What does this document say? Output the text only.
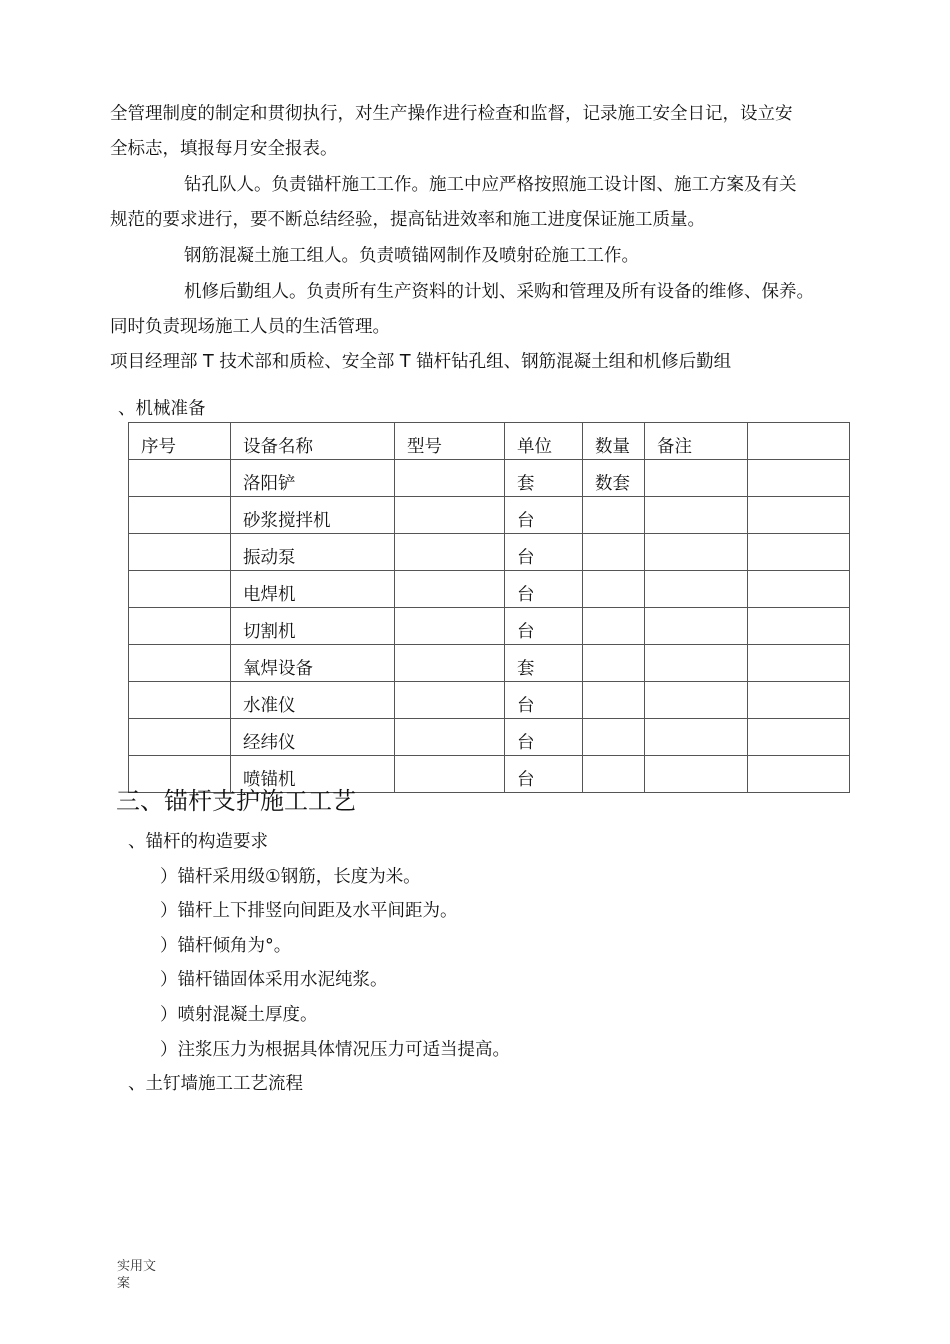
全管理制度的制定和贯彻执行，对生产操作进行检查和监督，记录施工安全日记，设立安
全标志，填报每月安全报表。
钻孔队人。负责锚杆施工工作。施工中应严格按照施工设计图、施工方案及有关
规范的要求进行，要不断总结经验，提高钻进效率和施工进度保证施工质量。
钢筋混凝土施工组人。负责喷锚网制作及喷射砼施工工作。
机修后勤组人。负责所有生产资料的计划、采购和管理及所有设备的维修、保养。
同时负责现场施工人员的生活管理。
项目经理部 T 技术部和质检、安全部 T 锚杆钻孔组、钢筋混凝土组和机修后勤组
、机械准备
序号	设备名称	型号	单位	数量	备注	
	洛阳铲		套	数套		
	砂浆搅拌机		台			
	振动泵		台			
	电焊机		台			
	切割机		台			
	氧焊设备		套			
	水准仪		台			
	经纬仪		台			
	喷锚机		台			
三、锚杆支护施工工艺
、锚杆的构造要求
）锚杆采用级①钢筋，长度为米。
）锚杆上下排竖向间距及水平间距为。
）锚杆倾角为°。
）锚杆锚固体采用水泥纯浆。
）喷射混凝土厚度。
）注浆压力为根据具体情况压力可适当提高。
、土钉墙施工工艺流程
实用文
案
